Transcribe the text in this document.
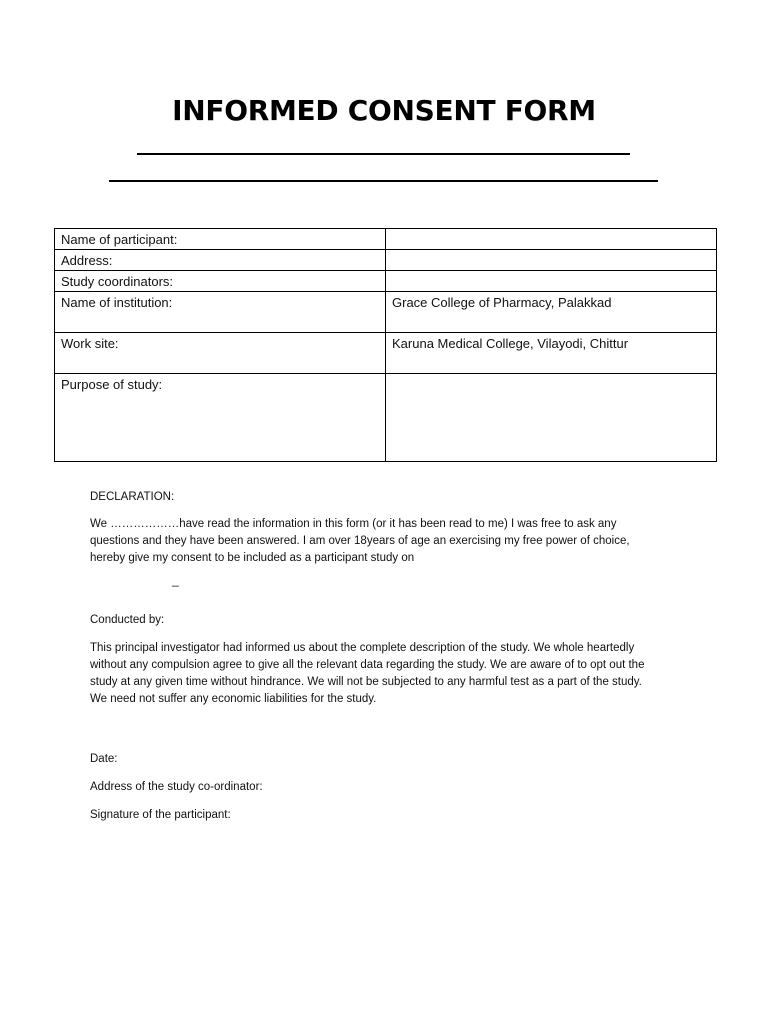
INFORMED CONSENT FORM
Name of participant:	
Address:	
Study coordinators:	
Name of institution:	Grace College of Pharmacy, Palakkad
Work site:	Karuna Medical College, Vilayodi, Chittur
Purpose of study:	

DECLARATION:

We ………………have read the information in this form (or it has been read to me) I was free to ask any
questions and they have been answered. I am over 18years of age an exercising my free power of choice,
hereby give my consent to be included as a participant study on
_

Conducted by:

This principal investigator had informed us about the complete description of the study. We whole heartedly
without any compulsion agree to give all the relevant data regarding the study. We are aware of to opt out the
study at any given time without hindrance. We will not be subjected to any harmful test as a part of the study.
We need not suffer any economic liabilities for the study.

Date:

Address of the study co-ordinator:

Signature of the participant:
